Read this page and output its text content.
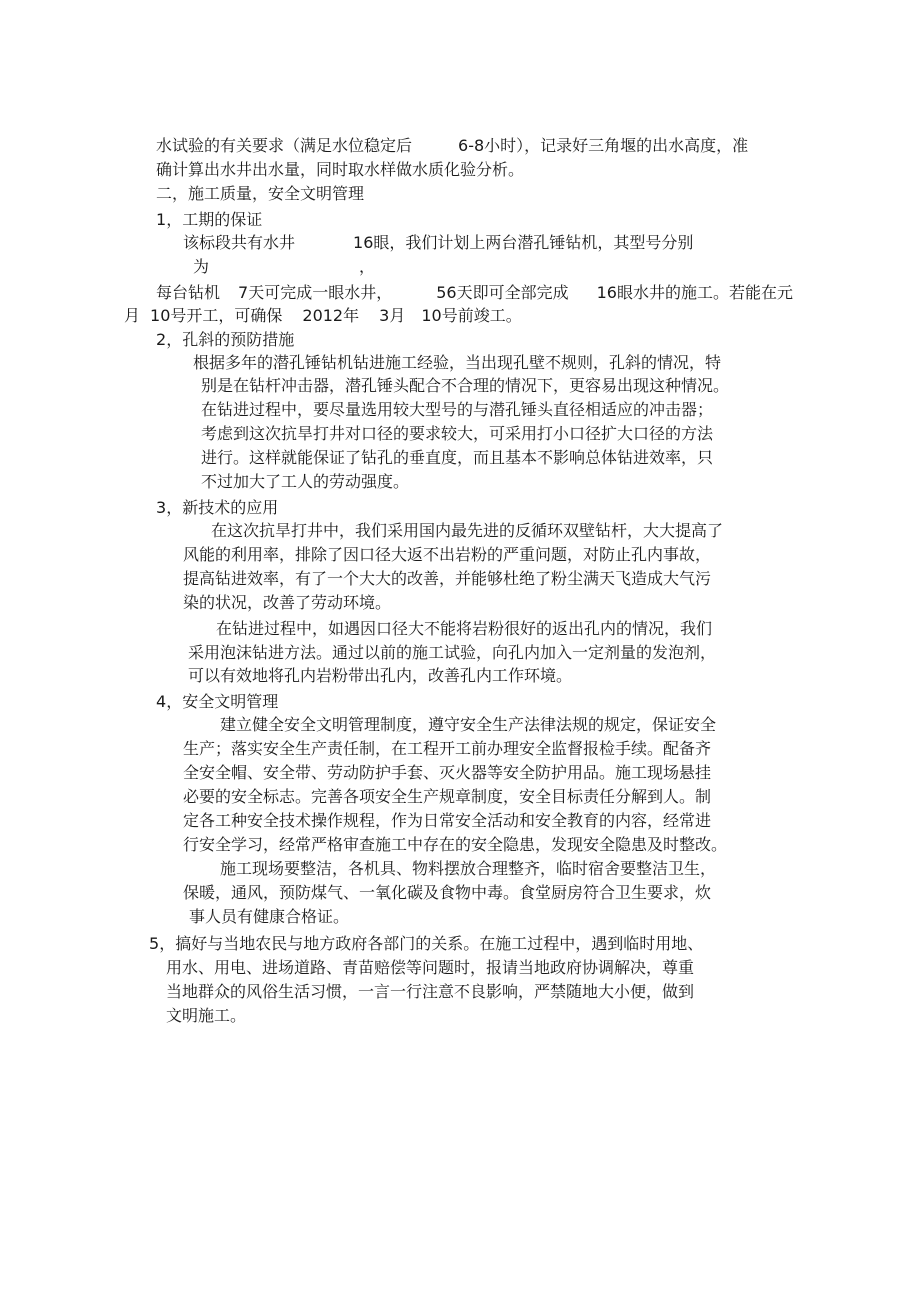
水试验的有关要求（满足水位稳定后	6-8小时），记录好三角堰的出水高度，准
确计算出水井出水量，同时取水样做水质化验分析。
二，施工质量，安全文明管理
1，工期的保证
该标段共有水井	16眼，我们计划上两台潜孔锤钻机，其型号分别
为	，
每台钻机 7天可完成一眼水井，	56天即可全部完成 16眼水井的施工。若能在元
月 10号开工，可确保 2012年 3月 10号前竣工。
2，孔斜的预防措施
根据多年的潜孔锤钻机钻进施工经验，当出现孔壁不规则，孔斜的情况，特
别是在钻杆冲击器，潜孔锤头配合不合理的情况下，更容易出现这种情况。
在钻进过程中，要尽量选用较大型号的与潜孔锤头直径相适应的冲击器；
考虑到这次抗旱打井对口径的要求较大，可采用打小口径扩大口径的方法
进行。这样就能保证了钻孔的垂直度，而且基本不影响总体钻进效率，只
不过加大了工人的劳动强度。
3，新技术的应用
在这次抗旱打井中，我们采用国内最先进的反循环双壁钻杆，大大提高了
风能的利用率，排除了因口径大返不出岩粉的严重问题，对防止孔内事故，
提高钻进效率，有了一个大大的改善，并能够杜绝了粉尘满天飞造成大气污
染的状况，改善了劳动环境。
在钻进过程中，如遇因口径大不能将岩粉很好的返出孔内的情况，我们
采用泡沫钻进方法。通过以前的施工试验，向孔内加入一定剂量的发泡剂，
可以有效地将孔内岩粉带出孔内，改善孔内工作环境。
4，安全文明管理
建立健全安全文明管理制度，遵守安全生产法律法规的规定，保证安全
生产；落实安全生产责任制，在工程开工前办理安全监督报检手续。配备齐
全安全帽、安全带、劳动防护手套、灭火器等安全防护用品。施工现场悬挂
必要的安全标志。完善各项安全生产规章制度，安全目标责任分解到人。制
定各工种安全技术操作规程，作为日常安全活动和安全教育的内容，经常进
行安全学习，经常严格审查施工中存在的安全隐患，发现安全隐患及时整改。
施工现场要整洁，各机具、物料摆放合理整齐，临时宿舍要整洁卫生，
保暖，通风，预防煤气、一氧化碳及食物中毒。食堂厨房符合卫生要求，炊
事人员有健康合格证。
5，搞好与当地农民与地方政府各部门的关系。在施工过程中，遇到临时用地、
用水、用电、进场道路、青苗赔偿等问题时，报请当地政府协调解决，尊重
当地群众的风俗生活习惯，一言一行注意不良影响，严禁随地大小便，做到
文明施工。
